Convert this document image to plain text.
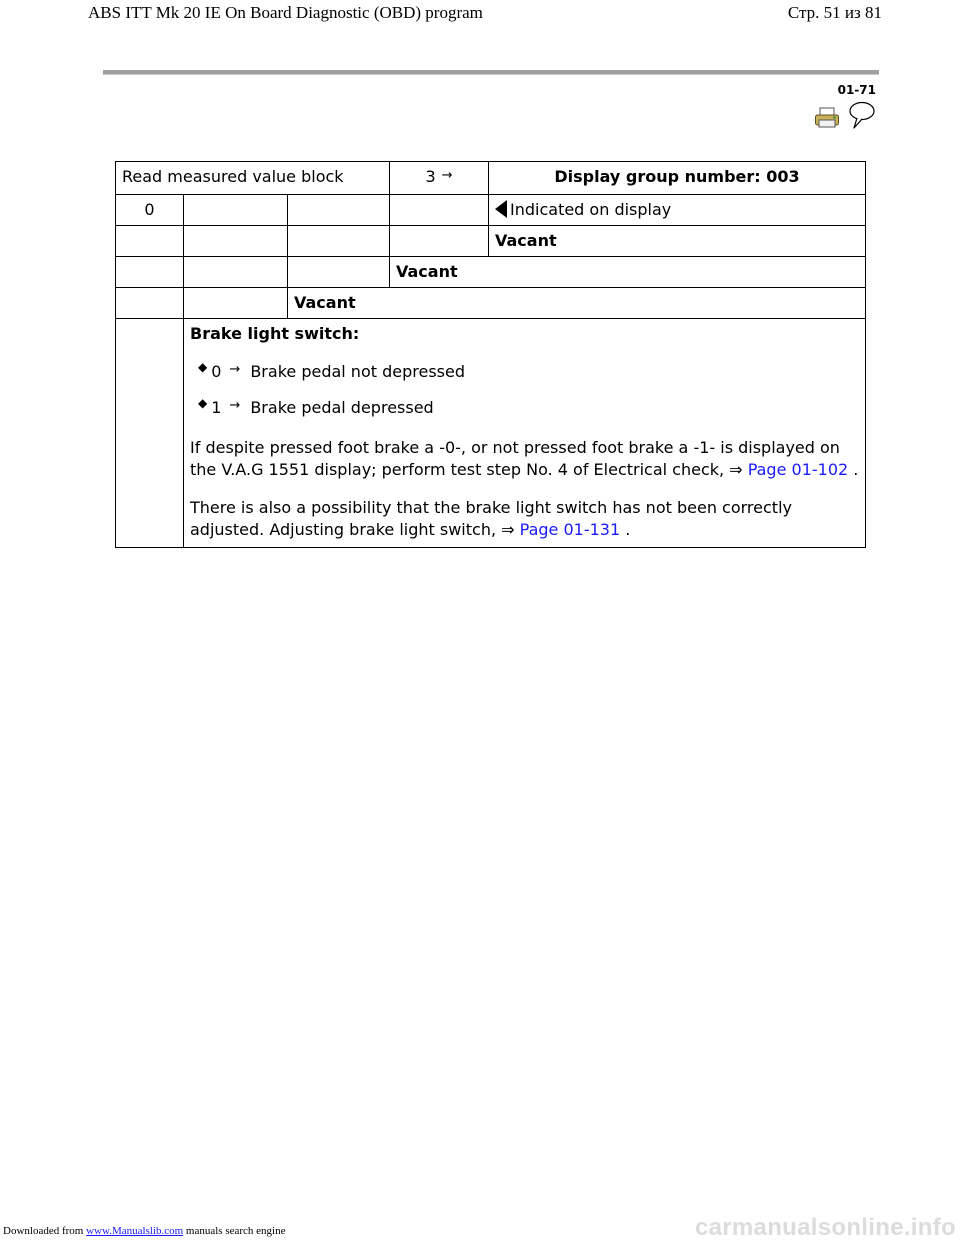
ABS ITT Mk 20 IE On Board Diagnostic (OBD) program	Стр. 51 из 81
01-71
Read measured value block			3 →	Display group number: 003
0				Indicated on display
				Vacant
			Vacant	
		Vacant		

	Brake light switch:
◆ 0 → Brake pedal not depressed
◆ 1 → Brake pedal depressed

If despite pressed foot brake a -0-, or not pressed foot brake a -1- is displayed on the V.A.G 1551 display; perform test step No. 4 of Electrical check, ⇒ Page 01-102 .

There is also a possibility that the brake light switch has not been correctly adjusted. Adjusting brake light switch, ⇒ Page 01-131 .			

Downloaded from www.Manualslib.com manuals search engine	carmanualsonline.info
